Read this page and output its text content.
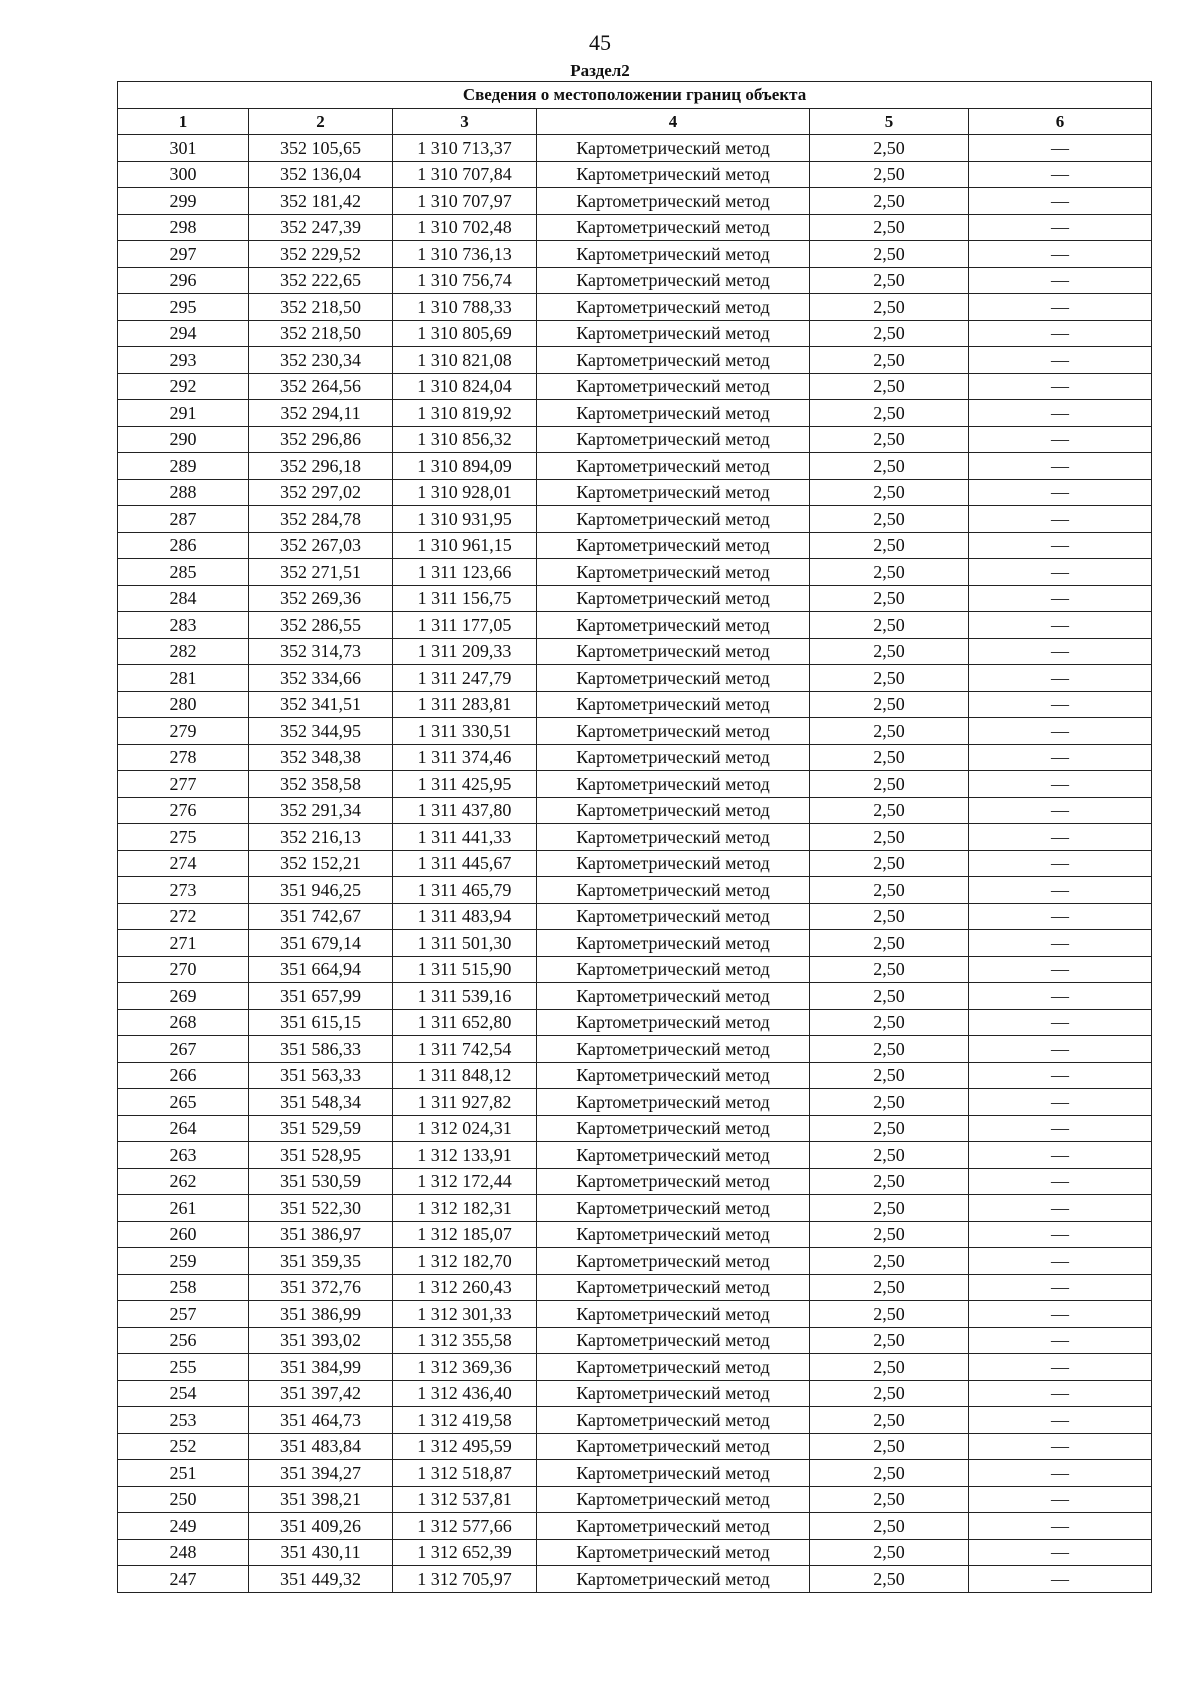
45
Раздел2
Сведения о местоположении границ объекта					
1	2	3	4	5	6
301	352 105,65	1 310 713,37	Картометрический метод	2,50	—
300	352 136,04	1 310 707,84	Картометрический метод	2,50	—
299	352 181,42	1 310 707,97	Картометрический метод	2,50	—
298	352 247,39	1 310 702,48	Картометрический метод	2,50	—
297	352 229,52	1 310 736,13	Картометрический метод	2,50	—
296	352 222,65	1 310 756,74	Картометрический метод	2,50	—
295	352 218,50	1 310 788,33	Картометрический метод	2,50	—
294	352 218,50	1 310 805,69	Картометрический метод	2,50	—
293	352 230,34	1 310 821,08	Картометрический метод	2,50	—
292	352 264,56	1 310 824,04	Картометрический метод	2,50	—
291	352 294,11	1 310 819,92	Картометрический метод	2,50	—
290	352 296,86	1 310 856,32	Картометрический метод	2,50	—
289	352 296,18	1 310 894,09	Картометрический метод	2,50	—
288	352 297,02	1 310 928,01	Картометрический метод	2,50	—
287	352 284,78	1 310 931,95	Картометрический метод	2,50	—
286	352 267,03	1 310 961,15	Картометрический метод	2,50	—
285	352 271,51	1 311 123,66	Картометрический метод	2,50	—
284	352 269,36	1 311 156,75	Картометрический метод	2,50	—
283	352 286,55	1 311 177,05	Картометрический метод	2,50	—
282	352 314,73	1 311 209,33	Картометрический метод	2,50	—
281	352 334,66	1 311 247,79	Картометрический метод	2,50	—
280	352 341,51	1 311 283,81	Картометрический метод	2,50	—
279	352 344,95	1 311 330,51	Картометрический метод	2,50	—
278	352 348,38	1 311 374,46	Картометрический метод	2,50	—
277	352 358,58	1 311 425,95	Картометрический метод	2,50	—
276	352 291,34	1 311 437,80	Картометрический метод	2,50	—
275	352 216,13	1 311 441,33	Картометрический метод	2,50	—
274	352 152,21	1 311 445,67	Картометрический метод	2,50	—
273	351 946,25	1 311 465,79	Картометрический метод	2,50	—
272	351 742,67	1 311 483,94	Картометрический метод	2,50	—
271	351 679,14	1 311 501,30	Картометрический метод	2,50	—
270	351 664,94	1 311 515,90	Картометрический метод	2,50	—
269	351 657,99	1 311 539,16	Картометрический метод	2,50	—
268	351 615,15	1 311 652,80	Картометрический метод	2,50	—
267	351 586,33	1 311 742,54	Картометрический метод	2,50	—
266	351 563,33	1 311 848,12	Картометрический метод	2,50	—
265	351 548,34	1 311 927,82	Картометрический метод	2,50	—
264	351 529,59	1 312 024,31	Картометрический метод	2,50	—
263	351 528,95	1 312 133,91	Картометрический метод	2,50	—
262	351 530,59	1 312 172,44	Картометрический метод	2,50	—
261	351 522,30	1 312 182,31	Картометрический метод	2,50	—
260	351 386,97	1 312 185,07	Картометрический метод	2,50	—
259	351 359,35	1 312 182,70	Картометрический метод	2,50	—
258	351 372,76	1 312 260,43	Картометрический метод	2,50	—
257	351 386,99	1 312 301,33	Картометрический метод	2,50	—
256	351 393,02	1 312 355,58	Картометрический метод	2,50	—
255	351 384,99	1 312 369,36	Картометрический метод	2,50	—
254	351 397,42	1 312 436,40	Картометрический метод	2,50	—
253	351 464,73	1 312 419,58	Картометрический метод	2,50	—
252	351 483,84	1 312 495,59	Картометрический метод	2,50	—
251	351 394,27	1 312 518,87	Картометрический метод	2,50	—
250	351 398,21	1 312 537,81	Картометрический метод	2,50	—
249	351 409,26	1 312 577,66	Картометрический метод	2,50	—
248	351 430,11	1 312 652,39	Картометрический метод	2,50	—
247	351 449,32	1 312 705,97	Картометрический метод	2,50	—
